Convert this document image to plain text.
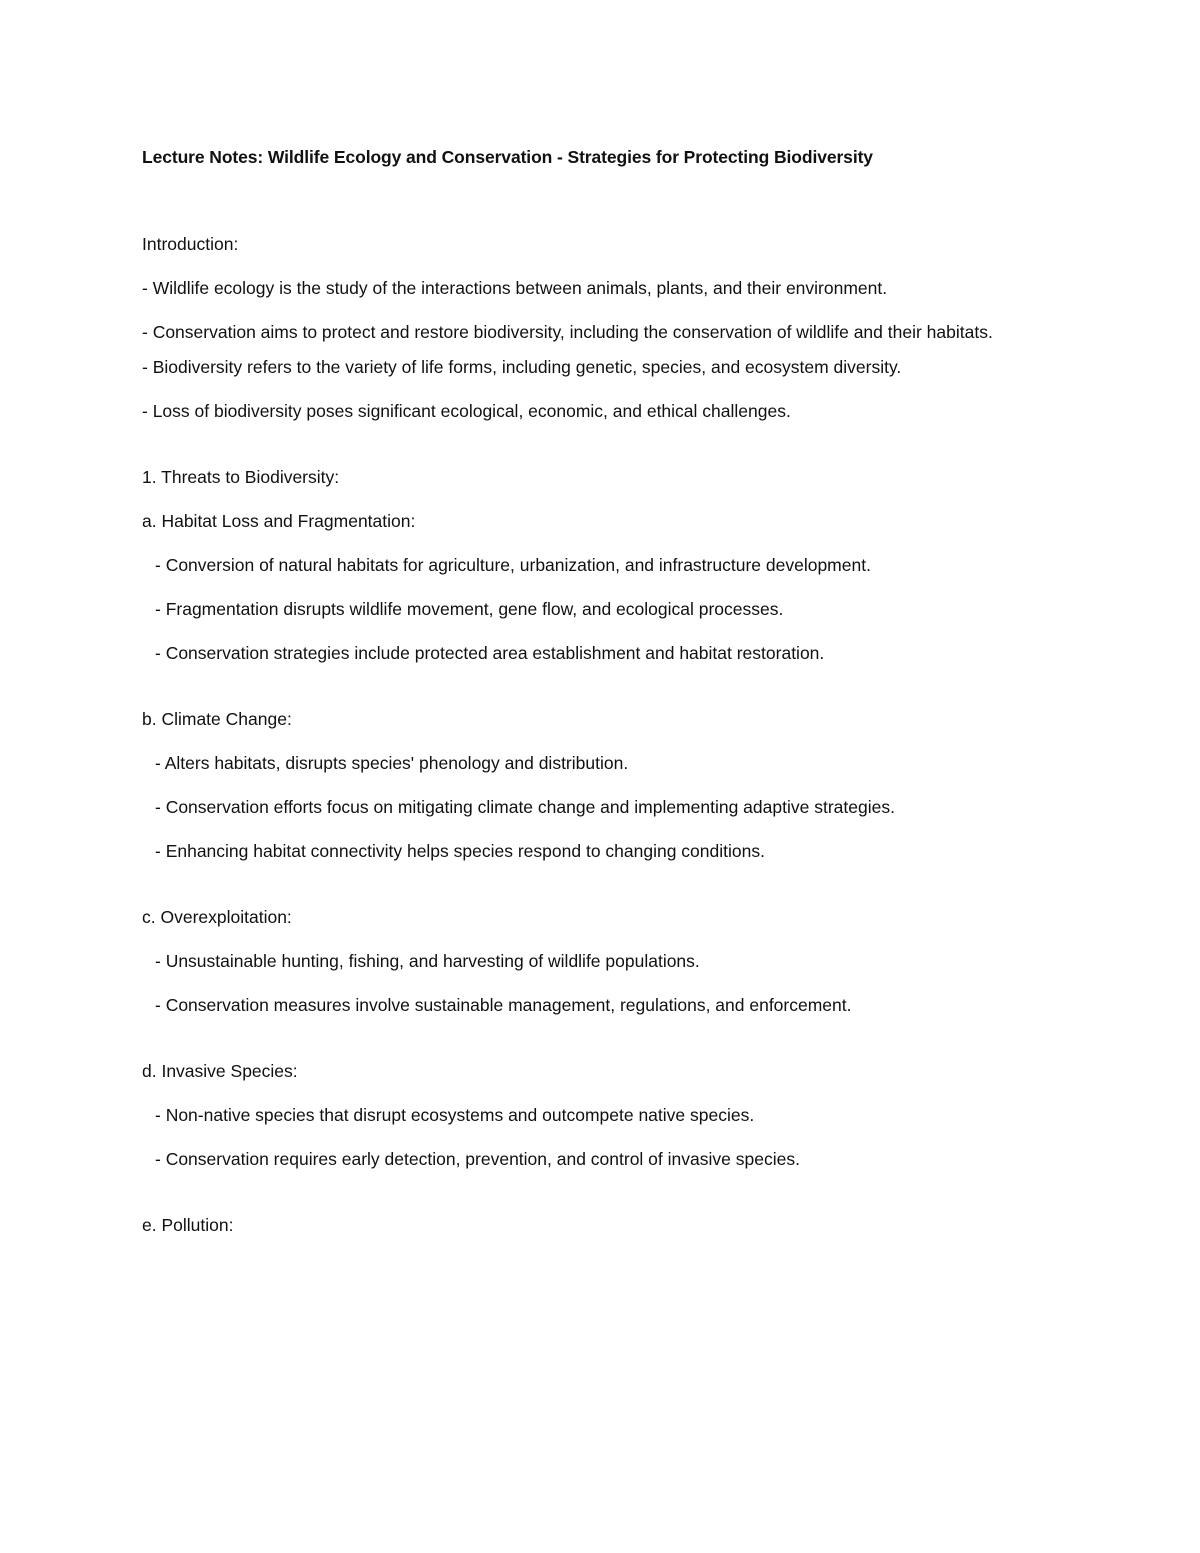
Lecture Notes: Wildlife Ecology and Conservation - Strategies for Protecting Biodiversity
Introduction:
- Wildlife ecology is the study of the interactions between animals, plants, and their environment.
- Conservation aims to protect and restore biodiversity, including the conservation of wildlife and their habitats.
- Biodiversity refers to the variety of life forms, including genetic, species, and ecosystem diversity.
- Loss of biodiversity poses significant ecological, economic, and ethical challenges.
1. Threats to Biodiversity:
a. Habitat Loss and Fragmentation:
- Conversion of natural habitats for agriculture, urbanization, and infrastructure development.
- Fragmentation disrupts wildlife movement, gene flow, and ecological processes.
- Conservation strategies include protected area establishment and habitat restoration.
b. Climate Change:
- Alters habitats, disrupts species' phenology and distribution.
- Conservation efforts focus on mitigating climate change and implementing adaptive strategies.
- Enhancing habitat connectivity helps species respond to changing conditions.
c. Overexploitation:
- Unsustainable hunting, fishing, and harvesting of wildlife populations.
- Conservation measures involve sustainable management, regulations, and enforcement.
d. Invasive Species:
- Non-native species that disrupt ecosystems and outcompete native species.
- Conservation requires early detection, prevention, and control of invasive species.
e. Pollution:
